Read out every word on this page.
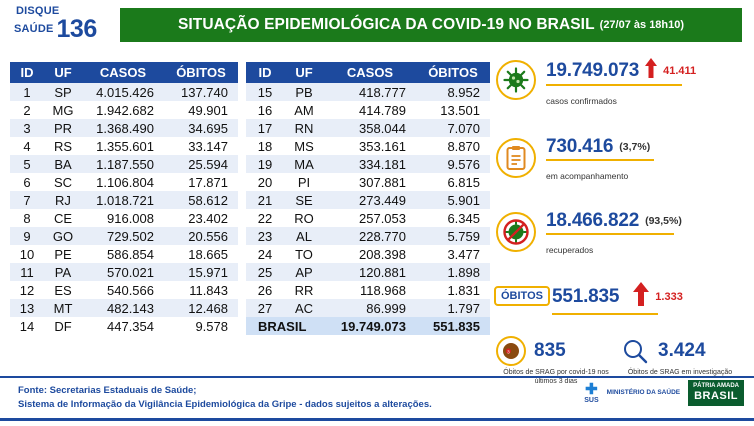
DISQUE
SAÚDE 136	SITUAÇÃO EPIDEMIOLÓGICA DA COVID-19 NO BRASIL (27/07 às 18h10)
ID	UF	CASOS	ÓBITOS
1	SP	4.015.426	137.740
2	MG	1.942.682	49.901
3	PR	1.368.490	34.695
4	RS	1.355.601	33.147
5	BA	1.187.550	25.594
6	SC	1.106.804	17.871
7	RJ	1.018.721	58.612
8	CE	916.008	23.402
9	GO	729.502	20.556
10	PE	586.854	18.665
11	PA	570.021	15.971
12	ES	540.566	11.843
13	MT	482.143	12.468
14	DF	447.354	9.578
ID	UF	CASOS	ÓBITOS
15	PB	418.777	8.952
16	AM	414.789	13.501
17	RN	358.044	7.070
18	MS	353.161	8.870
19	MA	334.181	9.576
20	PI	307.881	6.815
21	SE	273.449	5.901
22	RO	257.053	6.345
23	AL	228.770	5.759
24	TO	208.398	3.477
25	AP	120.881	1.898
26	RR	118.968	1.831
27	AC	86.999	1.797
BRASIL		19.749.073	551.835
19.749.073 41.411
casos confirmados
730.416 (3,7%)
em acompanhamento
18.466.822 (93,5%)
recuperados
ÓBITOS 551.835	1.333
3 835
Óbitos de SRAG por covid-19 nos últimos 3 dias
3.424
Óbitos de SRAG em investigação
Fonte: Secretarias Estaduais de Saúde;
Sistema de Informação da Vigilância Epidemiológica da Gripe - dados sujeitos a alterações.
✚
SUS
MINISTÉRIO DA SAÚDE
PÁTRIA AMADA
BRASIL
